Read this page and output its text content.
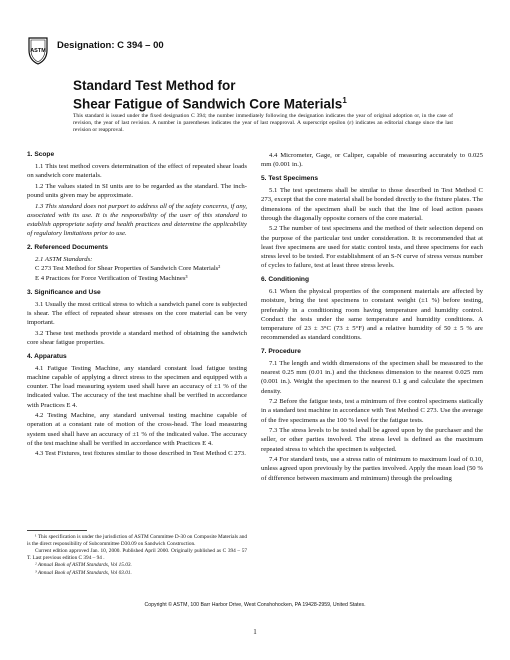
ASTM Designation: C 394 – 00
Standard Test Method for
Shear Fatigue of Sandwich Core Materials$^1$
This standard is issued under the fixed designation C 394; the number immediately following the designation indicates the year of original adoption or, in the case of revision, the year of last revision. A number in parentheses indicates the year of last reapproval. A superscript epsilon (ε) indicates an editorial change since the last revision or reapproval.
1. Scope

1.1 This test method covers determination of the effect of repeated shear loads on sandwich core materials.

1.2 The values stated in SI units are to be regarded as the standard. The inch-pound units given may be approximate.

1.3 This standard does not purport to address all of the safety concerns, if any, associated with its use. It is the responsibility of the user of this standard to establish appropriate safety and health practices and determine the applicability of regulatory limitations prior to use.

2. Referenced Documents
2.1 ASTM Standards:
C 273 Test Method for Shear Properties of Sandwich Core Materials²
E 4 Practices for Force Verification of Testing Machines³
3. Significance and Use

3.1 Usually the most critical stress to which a sandwich panel core is subjected is shear. The effect of repeated shear stresses on the core material can be very important.

3.2 These test methods provide a standard method of obtaining the sandwich core shear fatigue properties.

4. Apparatus

4.1 Fatigue Testing Machine, any standard constant load fatigue testing machine capable of applying a direct stress to the specimen and equipped with a counter. The load measuring system used shall have an accuracy of ±1 % of the indicated value. The accuracy of the test machine shall be verified in accordance with Practices E 4.

4.2 Testing Machine, any standard universal testing machine capable of operation at a constant rate of motion of the cross-head. The load measuring system used shall have an accuracy of ±1 % of the indicated value. The accuracy of the test machine shall be verified in accordance with Practices E 4.

4.3 Test Fixtures, test fixtures similar to those described in Test Method C 273.

¹ This specification is under the jurisdiction of ASTM Committee D-30 on Composite Materials and is the direct responsibility of Subcommittee D30.09 on Sandwich Construction.

Current edition approved Jan. 10, 2000. Published April 2000. Originally published as C 394 – 57 T. Last previous edition C 394 – 94 .

² Annual Book of ASTM Standards, Vol 15.03.

³ Annual Book of ASTM Standards, Vol 03.01.

4.4 Micrometer, Gage, or Caliper, capable of measuring accurately to 0.025 mm (0.001 in.).

5. Test Specimens

5.1 The test specimens shall be similar to those described in Test Method C 273, except that the core material shall be bonded directly to the fixture plates. The dimensions of the specimen shall be such that the line of load action passes through the diagonally opposite corners of the core material.

5.2 The number of test specimens and the method of their selection depend on the purpose of the particular test under consideration. It is recommended that at least five specimens are used for static control tests, and three specimens for each stress level to be tested. For establishment of an S-N curve of stress versus number of cycles to failure, test at least three stress levels.

6. Conditioning

6.1 When the physical properties of the component materials are affected by moisture, bring the test specimens to constant weight (±1 %) before testing, preferably in a conditioning room having temperature and humidity control. Conduct the tests under the same temperature and humidity conditions. A temperature of 23 ± 3°C (73 ± 5°F) and a relative humidity of 50 ± 5 % are recommended as standard conditions.

7. Procedure

7.1 The length and width dimensions of the specimen shall be measured to the nearest 0.25 mm (0.01 in.) and the thickness dimension to the nearest 0.025 mm (0.001 in.). Weight the specimen to the nearest 0.1 g and calculate the specimen density.

7.2 Before the fatigue tests, test a minimum of five control specimens statically in a standard test machine in accordance with Test Method C 273. Use the average of the five specimens as the 100 % level for the fatigue tests.

7.3 The stress levels to be tested shall be agreed upon by the purchaser and the seller, or other parties involved. The stress level is defined as the maximum repeated stress to which the specimen is subjected.

7.4 For standard tests, use a stress ratio of minimum to maximum load of 0.10, unless agreed upon previously by the parties involved. Apply the mean load (50 % of difference between maximum and minimum) through the preloading

Copyright © ASTM, 100 Barr Harbor Drive, West Conshohocken, PA 19428-2959, United States.
1
